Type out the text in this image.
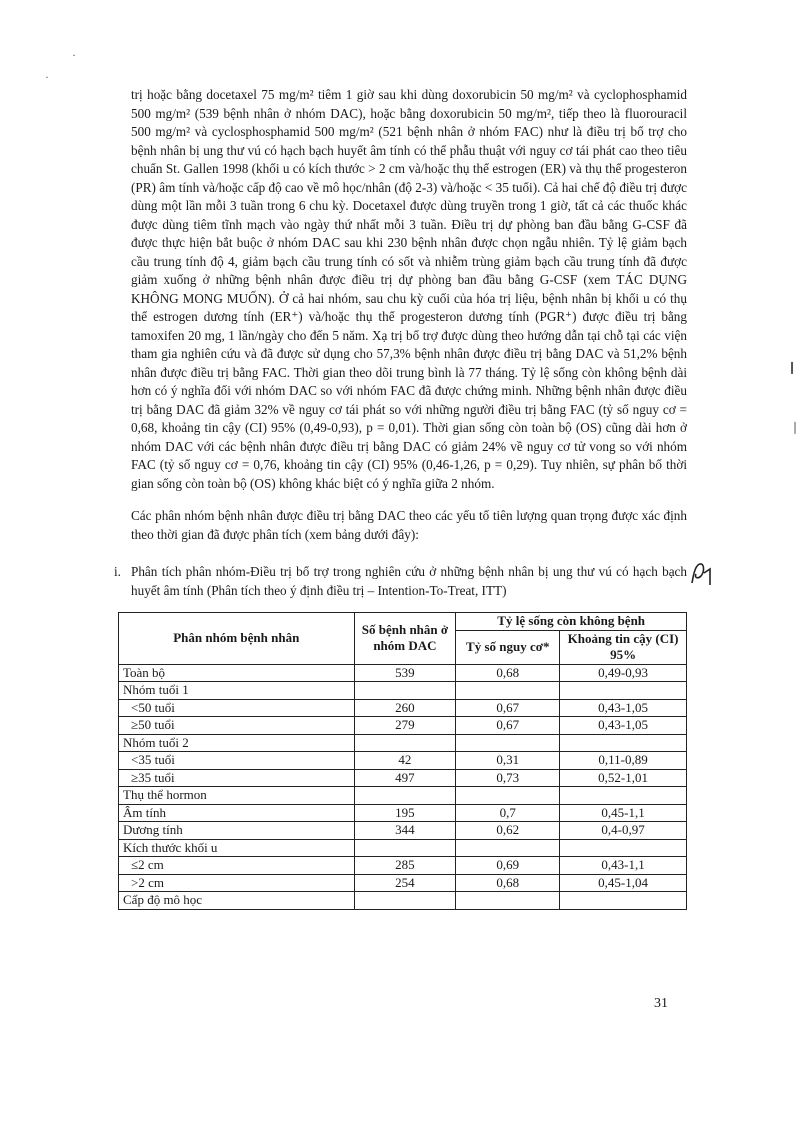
trị hoặc bằng docetaxel 75 mg/m² tiêm 1 giờ sau khi dùng doxorubicin 50 mg/m² và cyclophosphamid 500 mg/m² (539 bệnh nhân ở nhóm DAC), hoặc bằng doxorubicin 50 mg/m², tiếp theo là fluorouracil 500 mg/m² và cyclosphosphamid 500 mg/m² (521 bệnh nhân ở nhóm FAC) như là điều trị bổ trợ cho bệnh nhân bị ung thư vú có hạch bạch huyết âm tính có thể phẫu thuật với nguy cơ tái phát cao theo tiêu chuẩn St. Gallen 1998 (khối u có kích thước > 2 cm và/hoặc thụ thể estrogen (ER) và thụ thể progesteron (PR) âm tính và/hoặc cấp độ cao về mô học/nhân (độ 2-3) và/hoặc < 35 tuổi). Cả hai chế độ điều trị được dùng một lần mỗi 3 tuần trong 6 chu kỳ. Docetaxel được dùng truyền trong 1 giờ, tất cả các thuốc khác được dùng tiêm tĩnh mạch vào ngày thứ nhất mỗi 3 tuần. Điều trị dự phòng ban đầu bằng G-CSF đã được thực hiện bắt buộc ở nhóm DAC sau khi 230 bệnh nhân được chọn ngẫu nhiên. Tỷ lệ giảm bạch cầu trung tính độ 4, giảm bạch cầu trung tính có sốt và nhiễm trùng giảm bạch cầu trung tính đã được giảm xuống ở những bệnh nhân được điều trị dự phòng ban đầu bằng G-CSF (xem TÁC DỤNG KHÔNG MONG MUỐN). Ở cả hai nhóm, sau chu kỳ cuối của hóa trị liệu, bệnh nhân bị khối u có thụ thể estrogen dương tính (ER⁺) và/hoặc thụ thể progesteron dương tính (PGR⁺) được điều trị bằng tamoxifen 20 mg, 1 lần/ngày cho đến 5 năm. Xạ trị bổ trợ được dùng theo hướng dẫn tại chỗ tại các viện tham gia nghiên cứu và đã được sử dụng cho 57,3% bệnh nhân được điều trị bằng DAC và 51,2% bệnh nhân được điều trị bằng FAC. Thời gian theo dõi trung bình là 77 tháng. Tỷ lệ sống còn không bệnh dài hơn có ý nghĩa đối với nhóm DAC so với nhóm FAC đã được chứng minh. Những bệnh nhân được điều trị bằng DAC đã giảm 32% về nguy cơ tái phát so với những người điều trị bằng FAC (tỷ số nguy cơ = 0,68, khoảng tin cậy (CI) 95% (0,49-0,93), p = 0,01). Thời gian sống còn toàn bộ (OS) cũng dài hơn ở nhóm DAC với các bệnh nhân được điều trị bằng DAC có giảm 24% về nguy cơ tử vong so với nhóm FAC (tỷ số nguy cơ = 0,76, khoảng tin cậy (CI) 95% (0,46-1,26, p = 0,29). Tuy nhiên, sự phân bố thời gian sống còn toàn bộ (OS) không khác biệt có ý nghĩa giữa 2 nhóm.

Các phân nhóm bệnh nhân được điều trị bằng DAC theo các yếu tố tiên lượng quan trọng được xác định theo thời gian đã được phân tích (xem bảng dưới đây):

i. Phân tích phân nhóm-Điều trị bổ trợ trong nghiên cứu ở những bệnh nhân bị ung thư vú có hạch bạch huyết âm tính (Phân tích theo ý định điều trị – Intention-To-Treat, ITT)
Phân nhóm bệnh nhân	Số bệnh nhân ở nhóm DAC	Tỷ lệ sống còn không bệnh	
		Tỷ số nguy cơ*	Khoảng tin cậy (CI) 95%
Toàn bộ	539	0,68	0,49-0,93
Nhóm tuổi 1			
<50 tuổi	260	0,67	0,43-1,05
≥50 tuổi	279	0,67	0,43-1,05
Nhóm tuổi 2			
<35 tuổi	42	0,31	0,11-0,89
≥35 tuổi	497	0,73	0,52-1,01
Thụ thể hormon			
Âm tính	195	0,7	0,45-1,1
Dương tính	344	0,62	0,4-0,97
Kích thước khối u			
≤2 cm	285	0,69	0,43-1,1
>2 cm	254	0,68	0,45-1,04
Cấp độ mô học			
31
·
·
❙
❘
